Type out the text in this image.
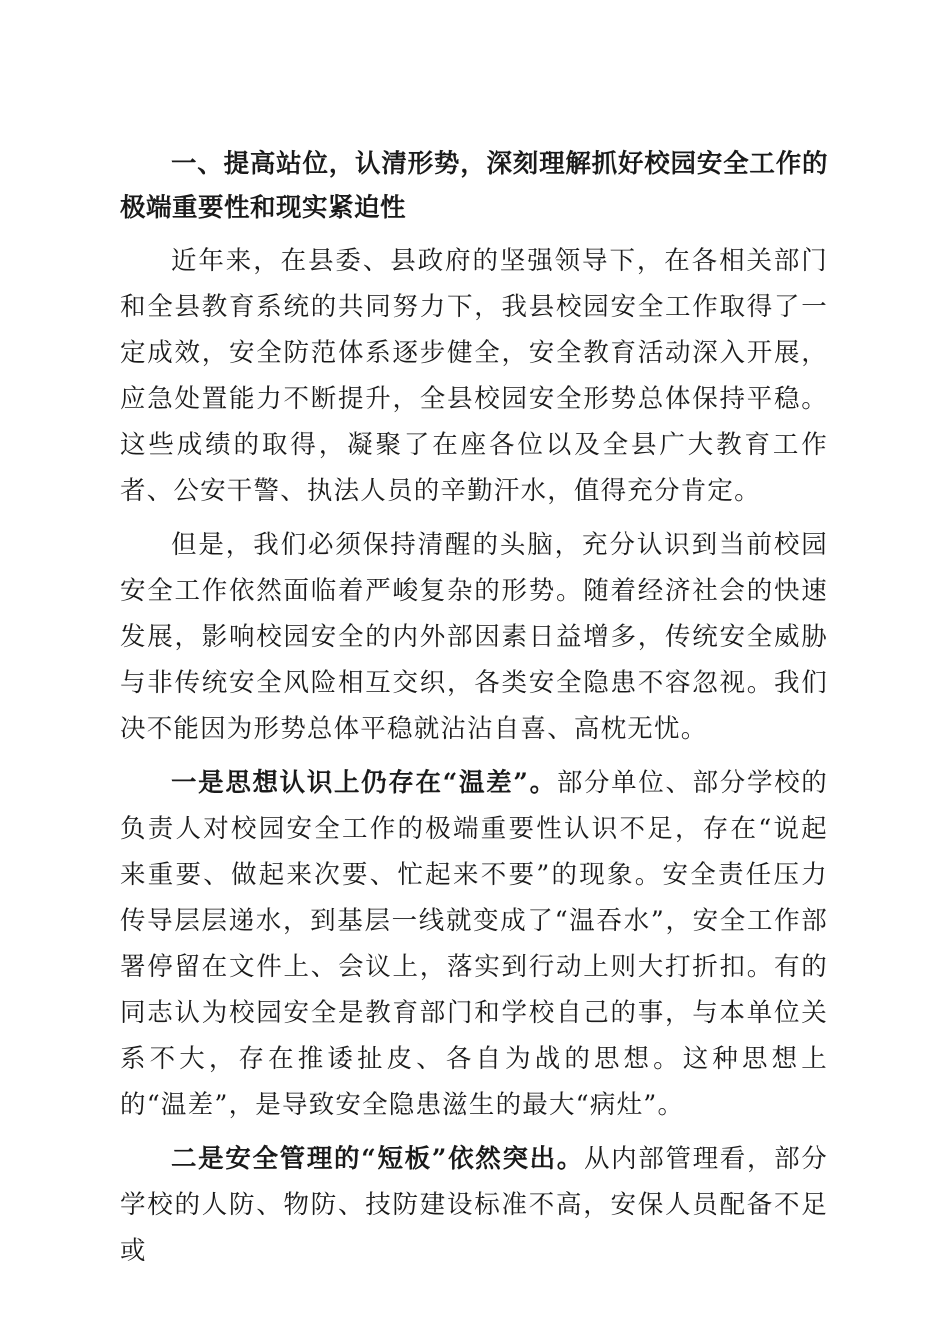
一、提高站位，认清形势，深刻理解抓好校园安全工作的极端重要性和现实紧迫性

近年来，在县委、县政府的坚强领导下，在各相关部门和全县教育系统的共同努力下，我县校园安全工作取得了一定成效，安全防范体系逐步健全，安全教育活动深入开展，应急处置能力不断提升，全县校园安全形势总体保持平稳。这些成绩的取得，凝聚了在座各位以及全县广大教育工作者、公安干警、执法人员的辛勤汗水，值得充分肯定。

但是，我们必须保持清醒的头脑，充分认识到当前校园安全工作依然面临着严峻复杂的形势。随着经济社会的快速发展，影响校园安全的内外部因素日益增多，传统安全威胁与非传统安全风险相互交织，各类安全隐患不容忽视。我们决不能因为形势总体平稳就沾沾自喜、高枕无忧。

一是思想认识上仍存在“温差”。部分单位、部分学校的负责人对校园安全工作的极端重要性认识不足，存在“说起来重要、做起来次要、忙起来不要”的现象。安全责任压力传导层层递水，到基层一线就变成了“温吞水”，安全工作部署停留在文件上、会议上，落实到行动上则大打折扣。有的同志认为校园安全是教育部门和学校自己的事，与本单位关系不大，存在推诿扯皮、各自为战的思想。这种思想上的“温差”，是导致安全隐患滋生的最大“病灶”。

二是安全管理的“短板”依然突出。从内部管理看，部分学校的人防、物防、技防建设标准不高，安保人员配备不足或
